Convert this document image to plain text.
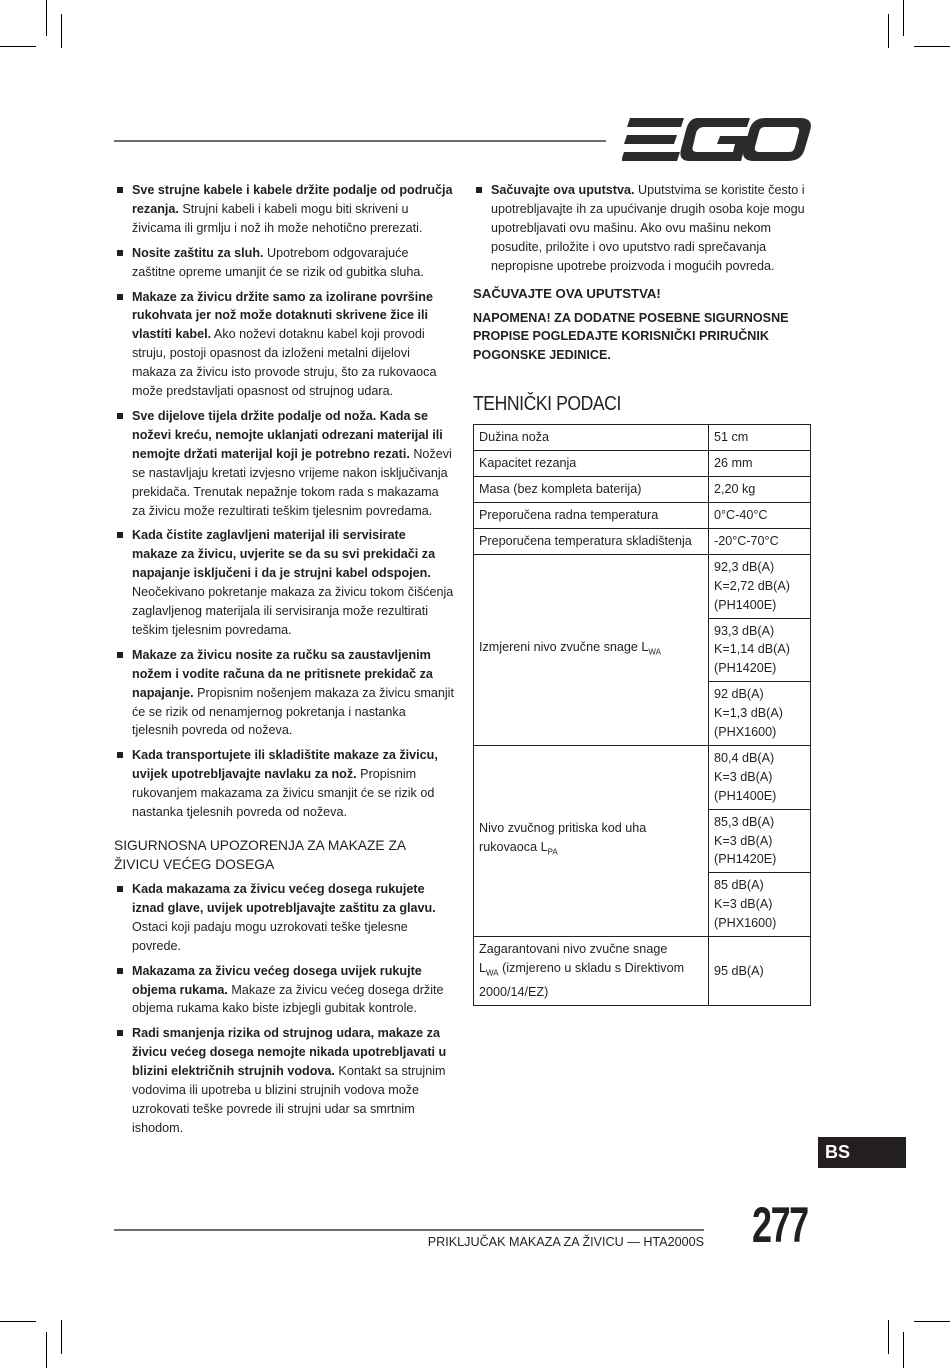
Sve strujne kabele i kabele držite podalje od područja rezanja. Strujni kabeli i kabeli mogu biti skriveni u živicama ili grmlju i nož ih može nehotično prerezati.
Nosite zaštitu za sluh. Upotrebom odgovarajuće zaštitne opreme umanjit će se rizik od gubitka sluha.
Makaze za živicu držite samo za izolirane površine rukohvata jer nož može dotaknuti skrivene žice ili vlastiti kabel. Ako noževi dotaknu kabel koji provodi struju, postoji opasnost da izloženi metalni dijelovi makaza za živicu isto provode struju, što za rukovaoca može predstavljati opasnost od strujnog udara.
Sve dijelove tijela držite podalje od noža. Kada se noževi kreću, nemojte uklanjati odrezani materijal ili nemojte držati materijal koji je potrebno rezati. Noževi se nastavljaju kretati izvjesno vrijeme nakon isključivanja prekidača. Trenutak nepažnje tokom rada s makazama za živicu može rezultirati teškim tjelesnim povredama.
Kada čistite zaglavljeni materijal ili servisirate makaze za živicu, uvjerite se da su svi prekidači za napajanje isključeni i da je strujni kabel odspojen. Neočekivano pokretanje makaza za živicu tokom čišćenja zaglavljenog materijala ili servisiranja može rezultirati teškim tjelesnim povredama.
Makaze za živicu nosite za ručku sa zaustavljenim nožem i vodite računa da ne pritisnete prekidač za napajanje. Propisnim nošenjem makaza za živicu smanjit će se rizik od nenamjernog pokretanja i nastanka tjelesnih povreda od noževa.
Kada transportujete ili skladištite makaze za živicu, uvijek upotrebljavajte navlaku za nož. Propisnim rukovanjem makazama za živicu smanjit će se rizik od nastanka tjelesnih povreda od noževa.
SIGURNOSNA UPOZORENJA ZA MAKAZE ZA ŽIVICU VEĆEG DOSEGA
Kada makazama za živicu većeg dosega rukujete iznad glave, uvijek upotrebljavajte zaštitu za glavu. Ostaci koji padaju mogu uzrokovati teške tjelesne povrede.
Makazama za živicu većeg dosega uvijek rukujte objema rukama. Makaze za živicu većeg dosega držite objema rukama kako biste izbjegli gubitak kontrole.
Radi smanjenja rizika od strujnog udara, makaze za živicu većeg dosega nemojte nikada upotrebljavati u blizini električnih strujnih vodova. Kontakt sa strujnim vodovima ili upotreba u blizini strujnih vodova može uzrokovati teške povrede ili strujni udar sa smrtnim ishodom.
Sačuvajte ova uputstva. Uputstvima se koristite često i upotrebljavajte ih za upućivanje drugih osoba koje mogu upotrebljavati ovu mašinu. Ako ovu mašinu nekom posudite, priložite i ovo uputstvo radi sprečavanja nepropisne upotrebe proizvoda i mogućih povreda.
SAČUVAJTE OVA UPUTSTVA!
NAPOMENA! ZA DODATNE POSEBNE SIGURNOSNE PROPISE POGLEDAJTE KORISNIČKI PRIRUČNIK POGONSKE JEDINICE.
TEHNIČKI PODACI
Dužina noža	51 cm
Kapacitet rezanja	26 mm
Masa (bez kompleta baterija)	2,20 kg
Preporučena radna temperatura	0°C-40°C
Preporučena temperatura skladištenja	-20°C-70°C
Izmjereni nivo zvučne snage $L_{WA}$	92,3 dB(A)
K=2,72 dB(A)
(PH1400E)
	93,3 dB(A)
K=1,14 dB(A)
(PH1420E)
	92 dB(A)
K=1,3 dB(A)
(PHX1600)
Nivo zvučnog pritiska kod uha rukovaoca $L_{PA}$	80,4 dB(A)
K=3 dB(A)
(PH1400E)
	85,3 dB(A)
K=3 dB(A)
(PH1420E)
	85 dB(A)
K=3 dB(A)
(PHX1600)
Zagarantovani nivo zvučne snage
$L_{WA}$ (izmjereno u skladu s Direktivom 2000/14/EZ)	95 dB(A)
BS
277
PRIKLJUČAK MAKAZA ZA ŽIVICU — HTA2000S
